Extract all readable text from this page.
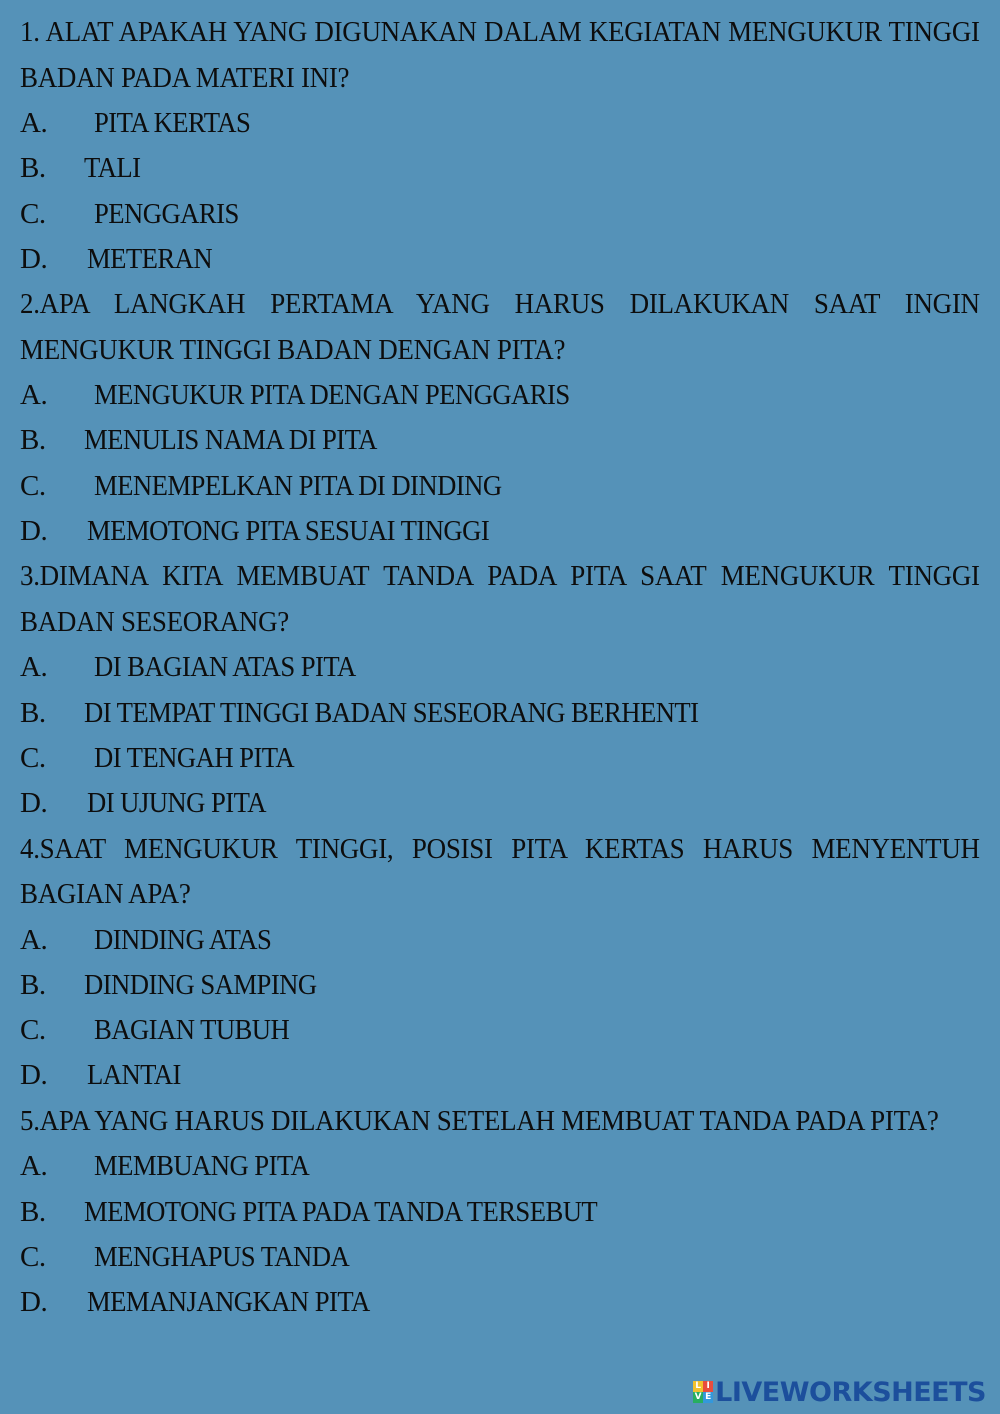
1. ALAT APAKAH YANG DIGUNAKAN DALAM KEGIATAN MENGUKUR TINGGI BADAN PADA MATERI INI?
A. PITA KERTAS
B. TALI
C. PENGGARIS
D. METERAN
2.APA LANGKAH PERTAMA YANG HARUS DILAKUKAN SAAT INGIN MENGUKUR TINGGI BADAN DENGAN PITA?
A. MENGUKUR PITA DENGAN PENGGARIS
B. MENULIS NAMA DI PITA
C. MENEMPELKAN PITA DI DINDING
D. MEMOTONG PITA SESUAI TINGGI
3.DIMANA KITA MEMBUAT TANDA PADA PITA SAAT MENGUKUR TINGGI BADAN SESEORANG?
A. DI BAGIAN ATAS PITA
B. DI TEMPAT TINGGI BADAN SESEORANG BERHENTI
C. DI TENGAH PITA
D. DI UJUNG PITA
4.SAAT MENGUKUR TINGGI, POSISI PITA KERTAS HARUS MENYENTUH BAGIAN APA?
A. DINDING ATAS
B. DINDING SAMPING
C. BAGIAN TUBUH
D. LANTAI
5.APA YANG HARUS DILAKUKAN SETELAH MEMBUAT TANDA PADA PITA?
A. MEMBUANG PITA
B. MEMOTONG PITA PADA TANDA TERSEBUT
C. MENGHAPUS TANDA
D. MEMANJANGKAN PITA
L I
V E LIVEWORKSHEETS
